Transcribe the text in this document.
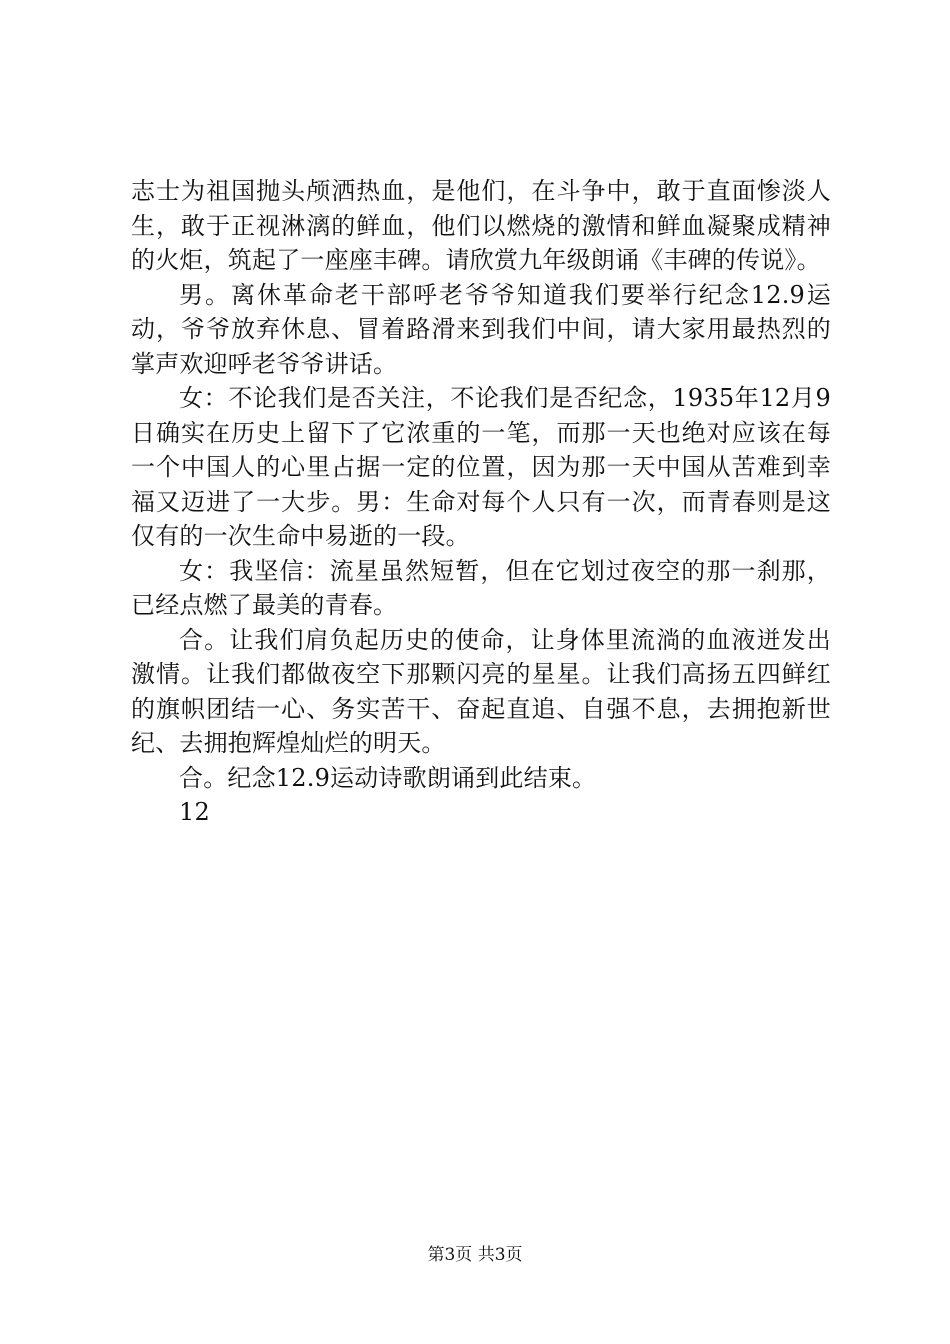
志士为祖国抛头颅洒热血，是他们，在斗争中，敢于直面惨淡人生，敢于正视淋漓的鲜血，他们以燃烧的激情和鲜血凝聚成精神的火炬，筑起了一座座丰碑。请欣赏九年级朗诵《丰碑的传说》。

男。离休革命老干部呼老爷爷知道我们要举行纪念12.9运动，爷爷放弃休息、冒着路滑来到我们中间，请大家用最热烈的掌声欢迎呼老爷爷讲话。

女：不论我们是否关注，不论我们是否纪念，1935年12月9日确实在历史上留下了它浓重的一笔，而那一天也绝对应该在每一个中国人的心里占据一定的位置，因为那一天中国从苦难到幸福又迈进了一大步。男：生命对每个人只有一次，而青春则是这仅有的一次生命中易逝的一段。

女：我坚信：流星虽然短暂，但在它划过夜空的那一刹那，已经点燃了最美的青春。

合。让我们肩负起历史的使命，让身体里流淌的血液迸发出激情。让我们都做夜空下那颗闪亮的星星。让我们高扬五四鲜红的旗帜团结一心、务实苦干、奋起直追、自强不息，去拥抱新世纪、去拥抱辉煌灿烂的明天。

合。纪念12.9运动诗歌朗诵到此结束。

12

第3页 共3页
